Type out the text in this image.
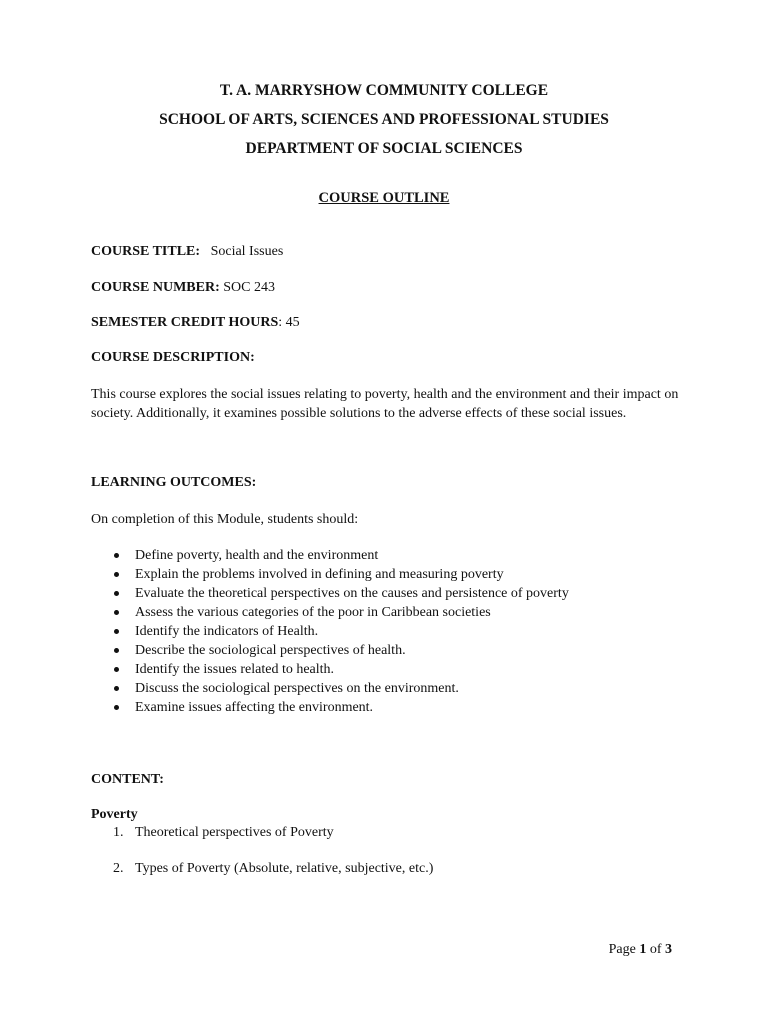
T. A. MARRYSHOW COMMUNITY COLLEGE

SCHOOL OF ARTS, SCIENCES AND PROFESSIONAL STUDIES

DEPARTMENT OF SOCIAL SCIENCES

COURSE OUTLINE

COURSE TITLE: Social Issues

COURSE NUMBER: SOC 243

SEMESTER CREDIT HOURS: 45

COURSE DESCRIPTION:

This course explores the social issues relating to poverty, health and the environment and their impact on society. Additionally, it examines possible solutions to the adverse effects of these social issues.

LEARNING OUTCOMES:

On completion of this Module, students should:

Define poverty, health and the environment
Explain the problems involved in defining and measuring poverty
Evaluate the theoretical perspectives on the causes and persistence of poverty
Assess the various categories of the poor in Caribbean societies
Identify the indicators of Health.
Describe the sociological perspectives of health.
Identify the issues related to health.
Discuss the sociological perspectives on the environment.
Examine issues affecting the environment.

CONTENT:

Poverty

1. Theoretical perspectives of Poverty
2. Types of Poverty (Absolute, relative, subjective, etc.)
Page 1 of 3
